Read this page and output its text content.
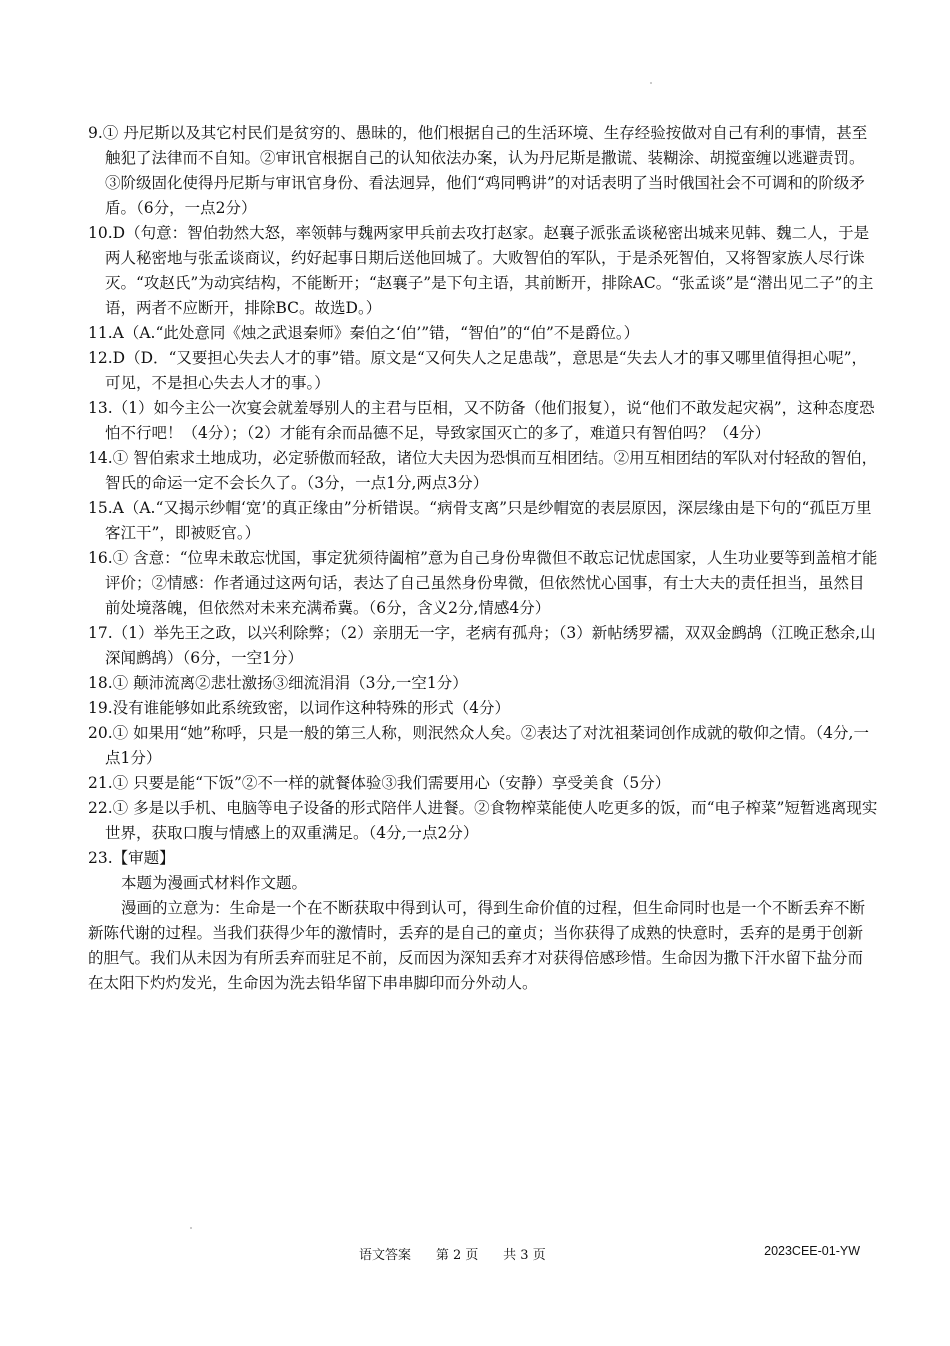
9.① 丹尼斯以及其它村民们是贫穷的、愚昧的，他们根据自己的生活环境、生存经验按做对自己有利的事情，甚至触犯了法律而不自知。②审讯官根据自己的认知依法办案，认为丹尼斯是撒谎、装糊涂、胡搅蛮缠以逃避责罚。③阶级固化使得丹尼斯与审讯官身份、看法迥异，他们“鸡同鸭讲”的对话表明了当时俄国社会不可调和的阶级矛盾。（6分，一点2分）

10.D（句意：智伯勃然大怒，率领韩与魏两家甲兵前去攻打赵家。赵襄子派张孟谈秘密出城来见韩、魏二人，于是两人秘密地与张孟谈商议，约好起事日期后送他回城了。大败智伯的军队，于是杀死智伯，又将智家族人尽行诛灭。“攻赵氏”为动宾结构，不能断开；“赵襄子”是下句主语，其前断开，排除AC。“张孟谈”是“潜出见二子”的主语，两者不应断开，排除BC。故选D。）

11.A（A.“此处意同《烛之武退秦师》秦伯之‘伯’”错，“智伯”的“伯”不是爵位。）

12.D（D．“又要担心失去人才的事”错。原文是“又何失人之足患哉”，意思是“失去人才的事又哪里值得担心呢”，可见，不是担心失去人才的事。）

13.（1）如今主公一次宴会就羞辱别人的主君与臣相，又不防备（他们报复），说“他们不敢发起灾祸”，这种态度恐怕不行吧！（4分）；（2）才能有余而品德不足，导致家国灭亡的多了，难道只有智伯吗？（4分）

14.① 智伯索求土地成功，必定骄傲而轻敌，诸位大夫因为恐惧而互相团结。②用互相团结的军队对付轻敌的智伯，智氏的命运一定不会长久了。（3分，一点1分,两点3分）

15.A（A.“又揭示纱帽‘宽’的真正缘由”分析错误。“病骨支离”只是纱帽宽的表层原因，深层缘由是下句的“孤臣万里客江干”，即被贬官。）

16.① 含意：“位卑未敢忘忧国，事定犹须待阖棺”意为自己身份卑微但不敢忘记忧虑国家，人生功业要等到盖棺才能评价；②情感：作者通过这两句话，表达了自己虽然身份卑微，但依然忧心国事，有士大夫的责任担当，虽然目前处境落魄，但依然对未来充满希冀。（6分，含义2分,情感4分）

17.（1）举先王之政，以兴利除弊；（2）亲朋无一字，老病有孤舟；（3）新帖绣罗襦，双双金鹧鸪（江晚正愁余,山深闻鹧鸪）（6分，一空1分）

18.① 颠沛流离②悲壮激扬③细流涓涓（3分,一空1分）

19.没有谁能够如此系统致密，以词作这种特殊的形式（4分）

20.① 如果用“她”称呼，只是一般的第三人称，则泯然众人矣。②表达了对沈祖棻词创作成就的敬仰之情。（4分,一点1分）

21.① 只要是能“下饭”②不一样的就餐体验③我们需要用心（安静）享受美食（5分）

22.① 多是以手机、电脑等电子设备的形式陪伴人进餐。②食物榨菜能使人吃更多的饭，而“电子榨菜”短暂逃离现实世界，获取口腹与情感上的双重满足。（4分,一点2分）

23.【审题】

本题为漫画式材料作文题。

漫画的立意为：生命是一个在不断获取中得到认可，得到生命价值的过程，但生命同时也是一个不断丢弃不断新陈代谢的过程。当我们获得少年的激情时，丢弃的是自己的童贞；当你获得了成熟的快意时，丢弃的是勇于创新的胆气。我们从未因为有所丢弃而驻足不前，反而因为深知丢弃才对获得倍感珍惜。生命因为撒下汗水留下盐分而在太阳下灼灼发光，生命因为洗去铅华留下串串脚印而分外动人。

语文答案 第 2 页 共 3 页	2023CEE-01-YW
